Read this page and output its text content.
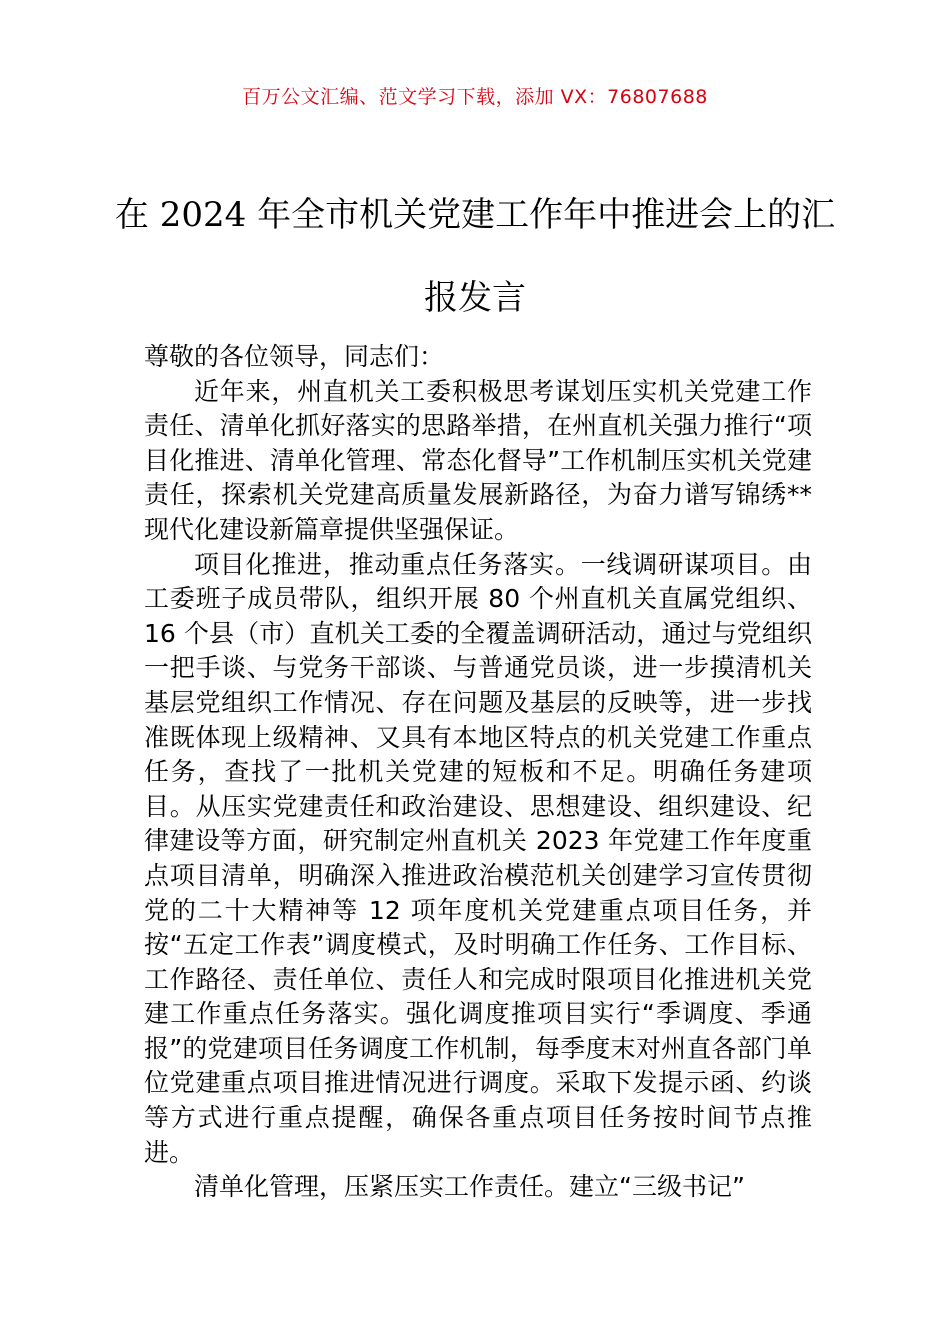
百万公文汇编、范文学习下载，添加 VX：76807688
在 2024 年全市机关党建工作年中推进会上的汇报发言

尊敬的各位领导，同志们：

近年来，州直机关工委积极思考谋划压实机关党建工作责任、清单化抓好落实的思路举措，在州直机关强力推行“项目化推进、清单化管理、常态化督导”工作机制压实机关党建责任，探索机关党建高质量发展新路径，为奋力谱写锦绣**现代化建设新篇章提供坚强保证。

项目化推进，推动重点任务落实。一线调研谋项目。由工委班子成员带队，组织开展 80 个州直机关直属党组织、16 个县（市）直机关工委的全覆盖调研活动，通过与党组织一把手谈、与党务干部谈、与普通党员谈，进一步摸清机关基层党组织工作情况、存在问题及基层的反映等，进一步找准既体现上级精神、又具有本地区特点的机关党建工作重点任务，查找了一批机关党建的短板和不足。明确任务建项目。从压实党建责任和政治建设、思想建设、组织建设、纪律建设等方面，研究制定州直机关 2023 年党建工作年度重点项目清单，明确深入推进政治模范机关创建学习宣传贯彻党的二十大精神等 12 项年度机关党建重点项目任务，并按“五定工作表”调度模式，及时明确工作任务、工作目标、工作路径、责任单位、责任人和完成时限项目化推进机关党建工作重点任务落实。强化调度推项目实行“季调度、季通报”的党建项目任务调度工作机制，每季度末对州直各部门单位党建重点项目推进情况进行调度。采取下发提示函、约谈等方式进行重点提醒，确保各重点项目任务按时间节点推进。

清单化管理，压紧压实工作责任。建立“三级书记”
